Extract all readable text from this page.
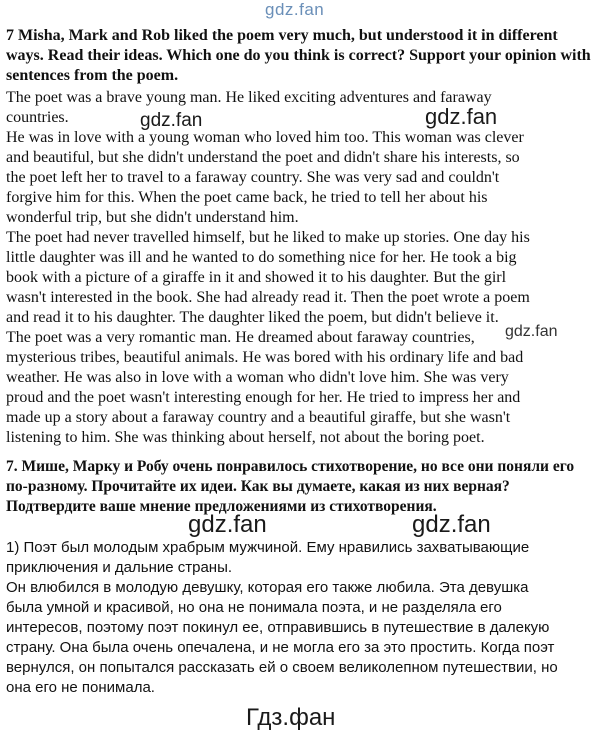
gdz.fan

7 Misha, Mark and Rob liked the poem very much, but understood it in different ways. Read their ideas. Which one do you think is correct? Support your opinion with sentences from the poem.

The poet was a brave young man. He liked exciting adventures and faraway
countries.
He was in love with a young woman who loved him too. This woman was clever
and beautiful, but she didn't understand the poet and didn't share his interests, so
the poet left her to travel to a faraway country. She was very sad and couldn't
forgive him for this. When the poet came back, he tried to tell her about his
wonderful trip, but she didn't understand him.
The poet had never travelled himself, but he liked to make up stories. One day his
little daughter was ill and he wanted to do something nice for her. He took a big
book with a picture of a giraffe in it and showed it to his daughter. But the girl
wasn't interested in the book. She had already read it. Then the poet wrote a poem
and read it to his daughter. The daughter liked the poem, but didn't believe it.
The poet was a very romantic man. He dreamed about faraway countries,
mysterious tribes, beautiful animals. He was bored with his ordinary life and bad
weather. He was also in love with a woman who didn't love him. She was very
proud and the poet wasn't interesting enough for her. He tried to impress her and
made up a story about a faraway country and a beautiful giraffe, but she wasn't
listening to him. She was thinking about herself, not about the boring poet.
gdz.fan	gdz.fan
gdz.fan

7. Мише, Марку и Робу очень понравилось стихотворение, но все они поняли его по-разному. Прочитайте их идеи. Как вы думаете, какая из них верная? Подтвердите ваше мнение предложениями из стихотворения.

1) Поэт был молодым храбрым мужчиной. Ему нравились захватывающие
приключения и дальние страны.
Он влюбился в молодую девушку, которая его также любила. Эта девушка
была умной и красивой, но она не понимала поэта, и не разделяла его
интересов, поэтому поэт покинул ее, отправившись в путешествие в далекую
страну. Она была очень опечалена, и не могла его за это простить. Когда поэт
вернулся, он попытался рассказать ей о своем великолепном путешествии, но
она его не понимала.
gdz.fan	gdz.fan
Гдз.фан
